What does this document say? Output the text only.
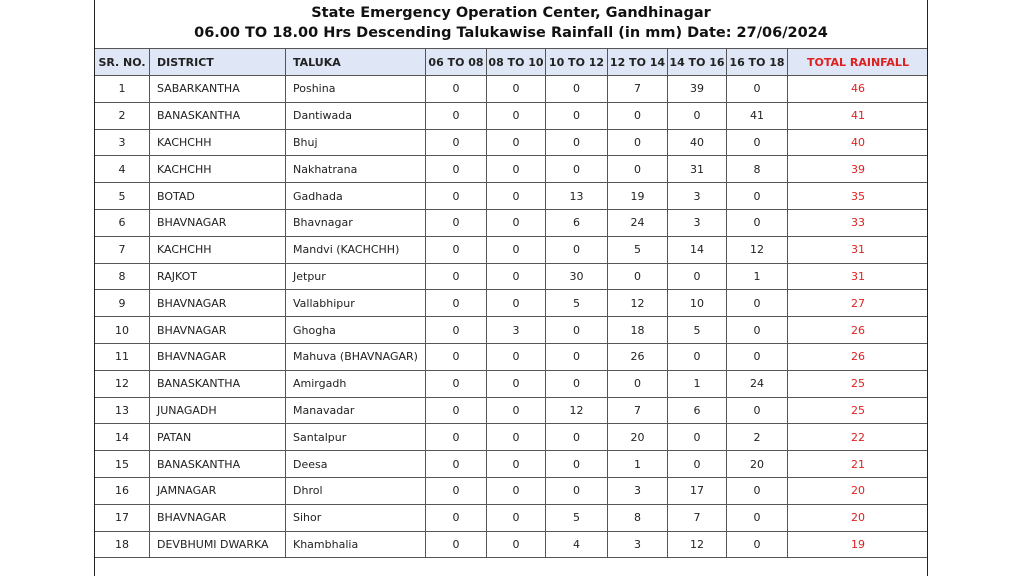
State Emergency Operation Center, Gandhinagar
06.00 TO 18.00 Hrs Descending Talukawise Rainfall (in mm) Date: 27/06/2024
SR. NO.	DISTRICT	TALUKA	06 TO 08	08 TO 10	10 TO 12	12 TO 14	14 TO 16	16 TO 18	TOTAL RAINFALL
1	SABARKANTHA	Poshina	0	0	0	7	39	0	46
2	BANASKANTHA	Dantiwada	0	0	0	0	0	41	41
3	KACHCHH	Bhuj	0	0	0	0	40	0	40
4	KACHCHH	Nakhatrana	0	0	0	0	31	8	39
5	BOTAD	Gadhada	0	0	13	19	3	0	35
6	BHAVNAGAR	Bhavnagar	0	0	6	24	3	0	33
7	KACHCHH	Mandvi (KACHCHH)	0	0	0	5	14	12	31
8	RAJKOT	Jetpur	0	0	30	0	0	1	31
9	BHAVNAGAR	Vallabhipur	0	0	5	12	10	0	27
10	BHAVNAGAR	Ghogha	0	3	0	18	5	0	26
11	BHAVNAGAR	Mahuva (BHAVNAGAR)	0	0	0	26	0	0	26
12	BANASKANTHA	Amirgadh	0	0	0	0	1	24	25
13	JUNAGADH	Manavadar	0	0	12	7	6	0	25
14	PATAN	Santalpur	0	0	0	20	0	2	22
15	BANASKANTHA	Deesa	0	0	0	1	0	20	21
16	JAMNAGAR	Dhrol	0	0	0	3	17	0	20
17	BHAVNAGAR	Sihor	0	0	5	8	7	0	20
18	DEVBHUMI DWARKA	Khambhalia	0	0	4	3	12	0	19
